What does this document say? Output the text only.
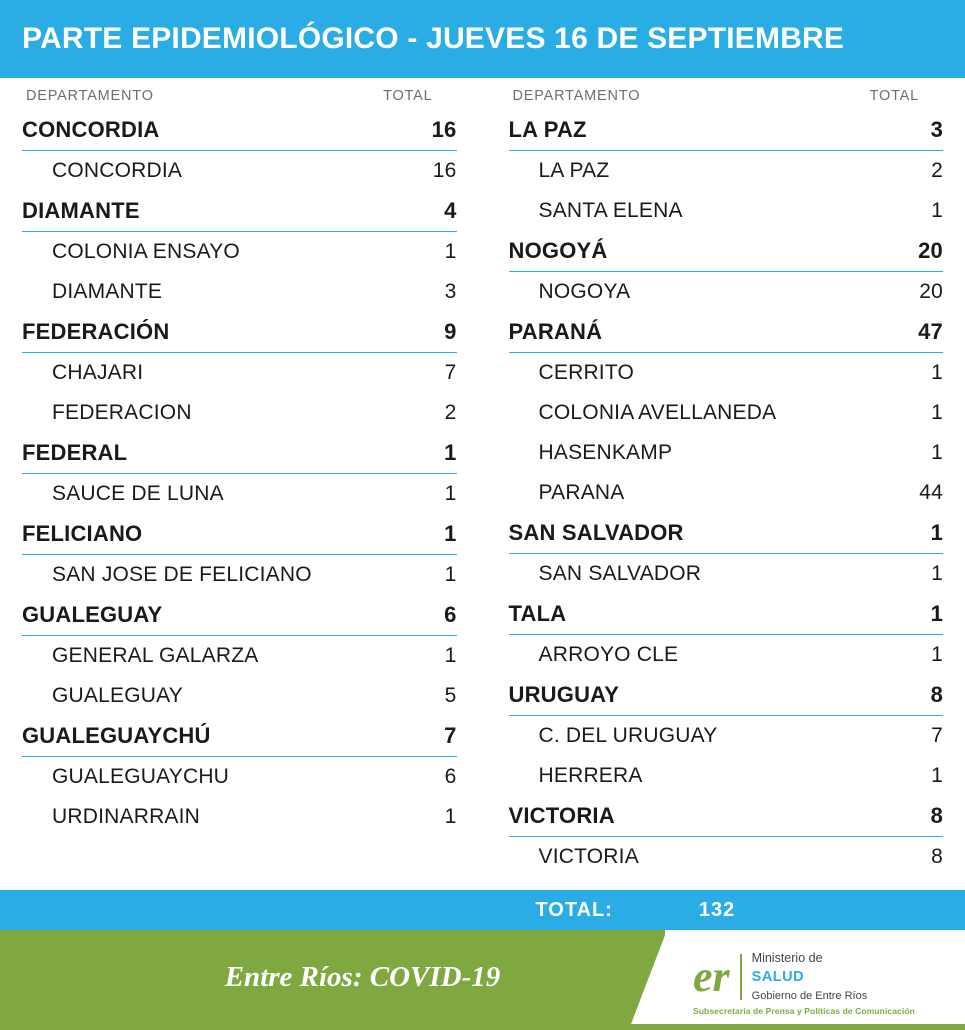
PARTE EPIDEMIOLÓGICO - JUEVES 16 DE SEPTIEMBRE
DEPARTAMENTO	TOTAL
CONCORDIA	16
CONCORDIA	16
DIAMANTE	4
COLONIA ENSAYO	1
DIAMANTE	3
FEDERACIÓN	9
CHAJARI	7
FEDERACION	2
FEDERAL	1
SAUCE DE LUNA	1
FELICIANO	1
SAN JOSE DE FELICIANO	1
GUALEGUAY	6
GENERAL GALARZA	1
GUALEGUAY	5
GUALEGUAYCHÚ	7
GUALEGUAYCHU	6
URDINARRAIN	1
DEPARTAMENTO	TOTAL
LA PAZ	3
LA PAZ	2
SANTA ELENA	1
NOGOYÁ	20
NOGOYA	20
PARANÁ	47
CERRITO	1
COLONIA AVELLANEDA	1
HASENKAMP	1
PARANA	44
SAN SALVADOR	1
SAN SALVADOR	1
TALA	1
ARROYO CLE	1
URUGUAY	8
C. DEL URUGUAY	7
HERRERA	1
VICTORIA	8
VICTORIA	8
TOTAL:	132
Entre Ríos: COVID-19	er Ministerio de
SALUD
Gobierno de Entre Ríos
Subsecretaría de Prensa y Políticas de Comunicación
